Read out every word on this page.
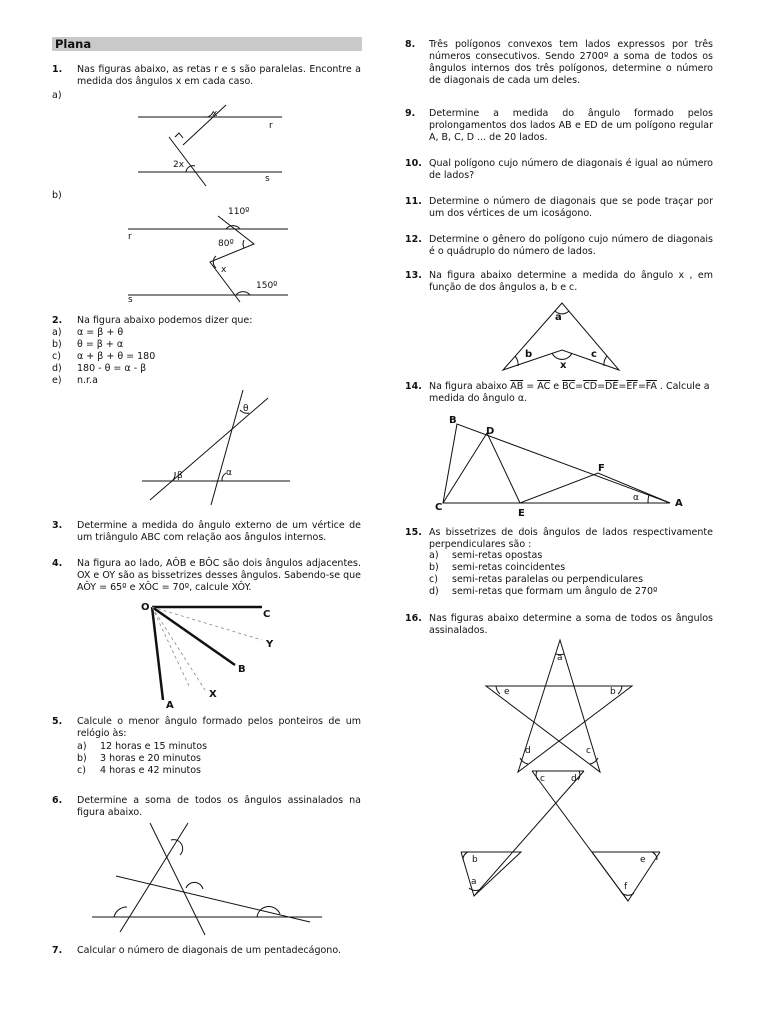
Plana
1. Nas figuras abaixo, as retas r e s são paralelas. Encontre a medida dos ângulos x em cada caso.
a)
x
r
2x
s
b)
110º
r
80º
x
150º
s
2. Na figura abaixo podemos dizer que:
a) α = β + θ
b) θ = β + α
c) α + β + θ = 180
d) 180 - θ = α - β
e) n.r.a
θ
β	α
3. Determine a medida do ângulo externo de um vértice de um triângulo ABC com relação aos ângulos internos.
4. Na figura ao lado, AÔB e BÔC são dois ângulos adjacentes. OX e OY são as bissetrizes desses ângulos. Sabendo-se que AÔY = 65º e XÔC = 70º, calcule XÔY.
O
C
Y
B
X
A
5. Calcule o menor ângulo formado pelos ponteiros de um relógio às:
a) 12 horas e 15 minutos
b) 3 horas e 20 minutos
c) 4 horas e 42 minutos
6. Determine a soma de todos os ângulos assinalados na figura abaixo.
7. Calcular o número de diagonais de um pentadecágono.
8. Três polígonos convexos tem lados expressos por três números consecutivos. Sendo 2700º a soma de todos os ângulos internos dos três polígonos, determine o número de diagonais de cada um deles.
9. Determine a medida do ângulo formado pelos prolongamentos dos lados AB e ED de um polígono regular A, B, C, D ... de 20 lados.
10. Qual polígono cujo número de diagonais é igual ao número de lados?
11. Determine o número de diagonais que se pode traçar por um dos vértices de um icoságono.
12. Determine o gênero do polígono cujo número de diagonais é o quádruplo do número de lados.
13. Na figura abaixo determine a medida do ângulo x , em função de dos ângulos a, b e c.
a
b	c
x
14. Na figura abaixo $\overline{AB} = \overline{AC}$ e $\overline{BC}=\overline{CD}=\overline{DE}=\overline{EF}=\overline{FA}$ . Calcule a medida do ângulo α.
B
D
F
C
E
A
α
15. As bissetrizes de dois ângulos de lados respectivamente perpendiculares são :
a) semi-retas opostas
b) semi-retas coincidentes
c) semi-retas paralelas ou perpendiculares
d) semi-retas que formam um ângulo de 270º
16. Nas figuras abaixo determine a soma de todos os ângulos assinalados.
a
e	b
d	c
c	d
b
a
e
f
